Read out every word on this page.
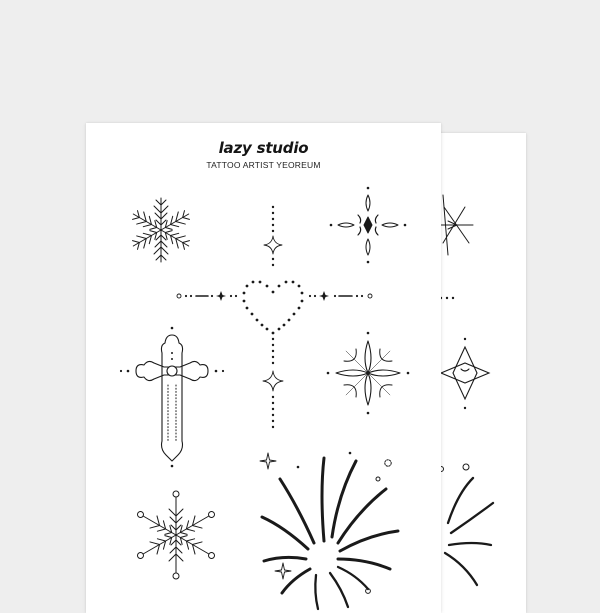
lazy studio
TATTOO ARTIST YEOREUM
